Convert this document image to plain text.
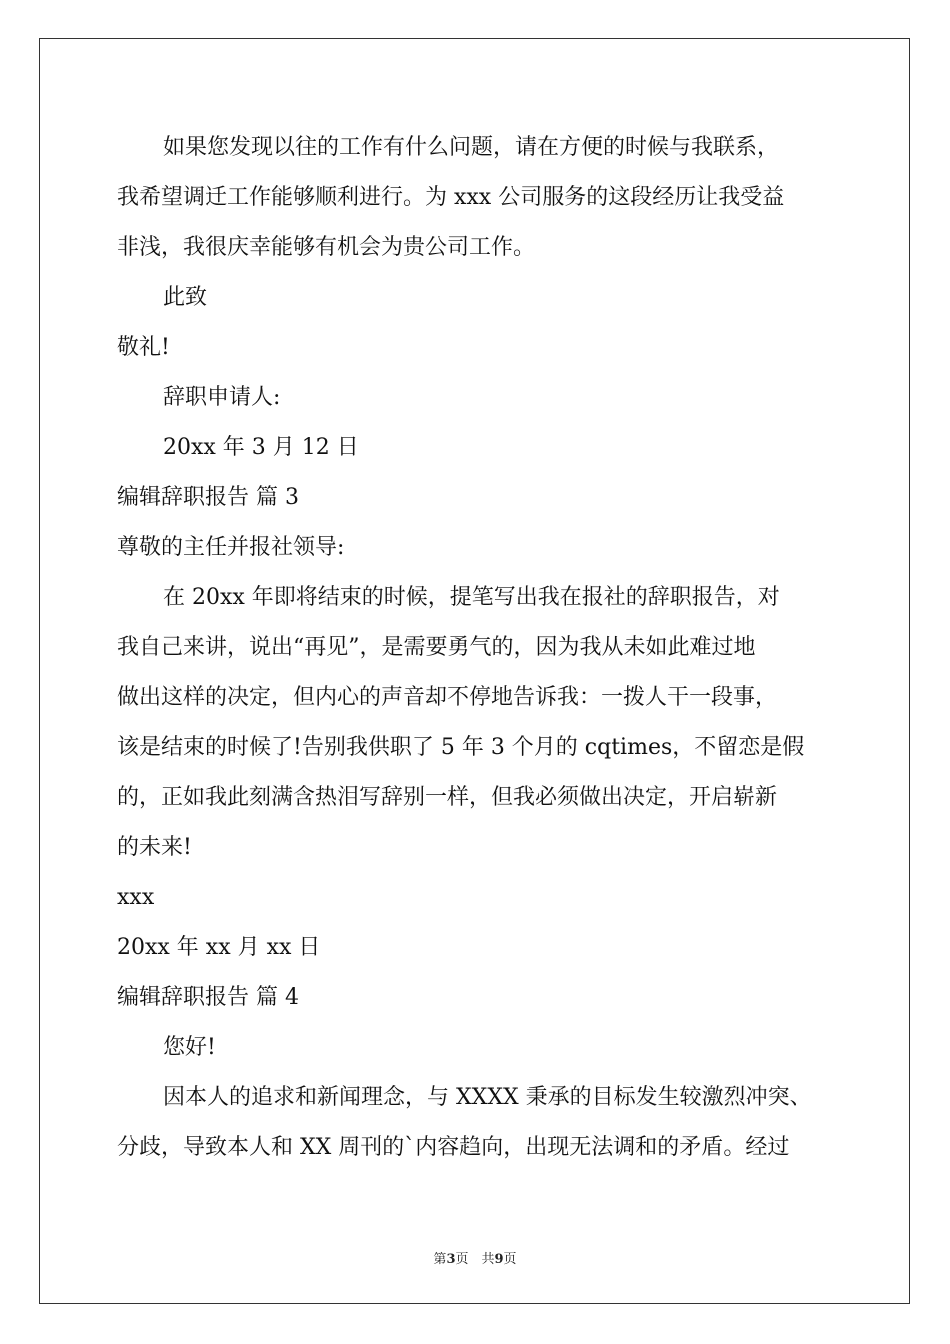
如果您发现以往的工作有什么问题，请在方便的时候与我联系，
我希望调迁工作能够顺利进行。为 xxx 公司服务的这段经历让我受益
非浅，我很庆幸能够有机会为贵公司工作。
此致
敬礼!
辞职申请人:
20xx 年 3 月 12 日
编辑辞职报告 篇 3
尊敬的主任并报社领导:
在 20xx 年即将结束的时候，提笔写出我在报社的辞职报告，对
我自己来讲，说出“再见”，是需要勇气的，因为我从未如此难过地
做出这样的决定，但内心的声音却不停地告诉我：一拨人干一段事，
该是结束的时候了!告别我供职了 5 年 3 个月的 cqtimes，不留恋是假
的，正如我此刻满含热泪写辞别一样，但我必须做出决定，开启崭新
的未来!
xxx
20xx 年 xx 月 xx 日
编辑辞职报告 篇 4
您好!
因本人的追求和新闻理念，与 XXXX 秉承的目标发生较激烈冲突、
分歧，导致本人和 XX 周刊的`内容趋向，出现无法调和的矛盾。经过
第3页　共9页
